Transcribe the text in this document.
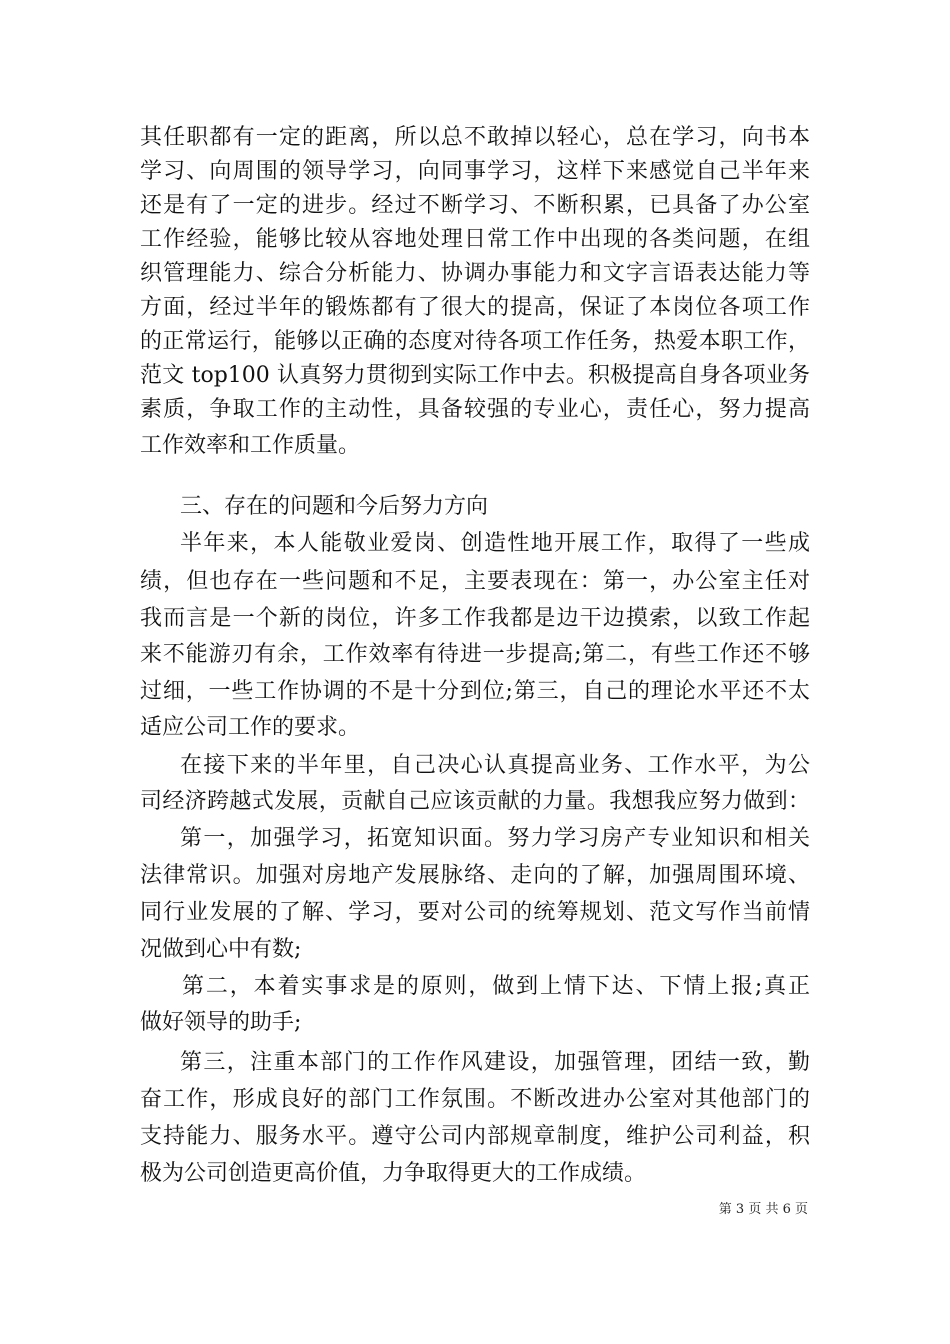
其任职都有一定的距离，所以总不敢掉以轻心，总在学习，向书本
学习、向周围的领导学习，向同事学习，这样下来感觉自己半年来
还是有了一定的进步。经过不断学习、不断积累，已具备了办公室
工作经验，能够比较从容地处理日常工作中出现的各类问题，在组
织管理能力、综合分析能力、协调办事能力和文字言语表达能力等
方面，经过半年的锻炼都有了很大的提高，保证了本岗位各项工作
的正常运行，能够以正确的态度对待各项工作任务，热爱本职工作，
范文 top100 认真努力贯彻到实际工作中去。积极提高自身各项业务
素质，争取工作的主动性，具备较强的专业心，责任心，努力提高
工作效率和工作质量。
三、存在的问题和今后努力方向
半年来，本人能敬业爱岗、创造性地开展工作，取得了一些成
绩，但也存在一些问题和不足，主要表现在：第一，办公室主任对
我而言是一个新的岗位，许多工作我都是边干边摸索，以致工作起
来不能游刃有余，工作效率有待进一步提高;第二，有些工作还不够
过细，一些工作协调的不是十分到位;第三，自己的理论水平还不太
适应公司工作的要求。
在接下来的半年里，自己决心认真提高业务、工作水平，为公
司经济跨越式发展，贡献自己应该贡献的力量。我想我应努力做到：
第一，加强学习，拓宽知识面。努力学习房产专业知识和相关
法律常识。加强对房地产发展脉络、走向的了解，加强周围环境、
同行业发展的了解、学习，要对公司的统筹规划、范文写作当前情
况做到心中有数;
第二，本着实事求是的原则，做到上情下达、下情上报;真正
做好领导的助手;
第三，注重本部门的工作作风建设，加强管理，团结一致，勤
奋工作，形成良好的部门工作氛围。不断改进办公室对其他部门的
支持能力、服务水平。遵守公司内部规章制度，维护公司利益，积
极为公司创造更高价值，力争取得更大的工作成绩。
第 3 页 共 6 页
